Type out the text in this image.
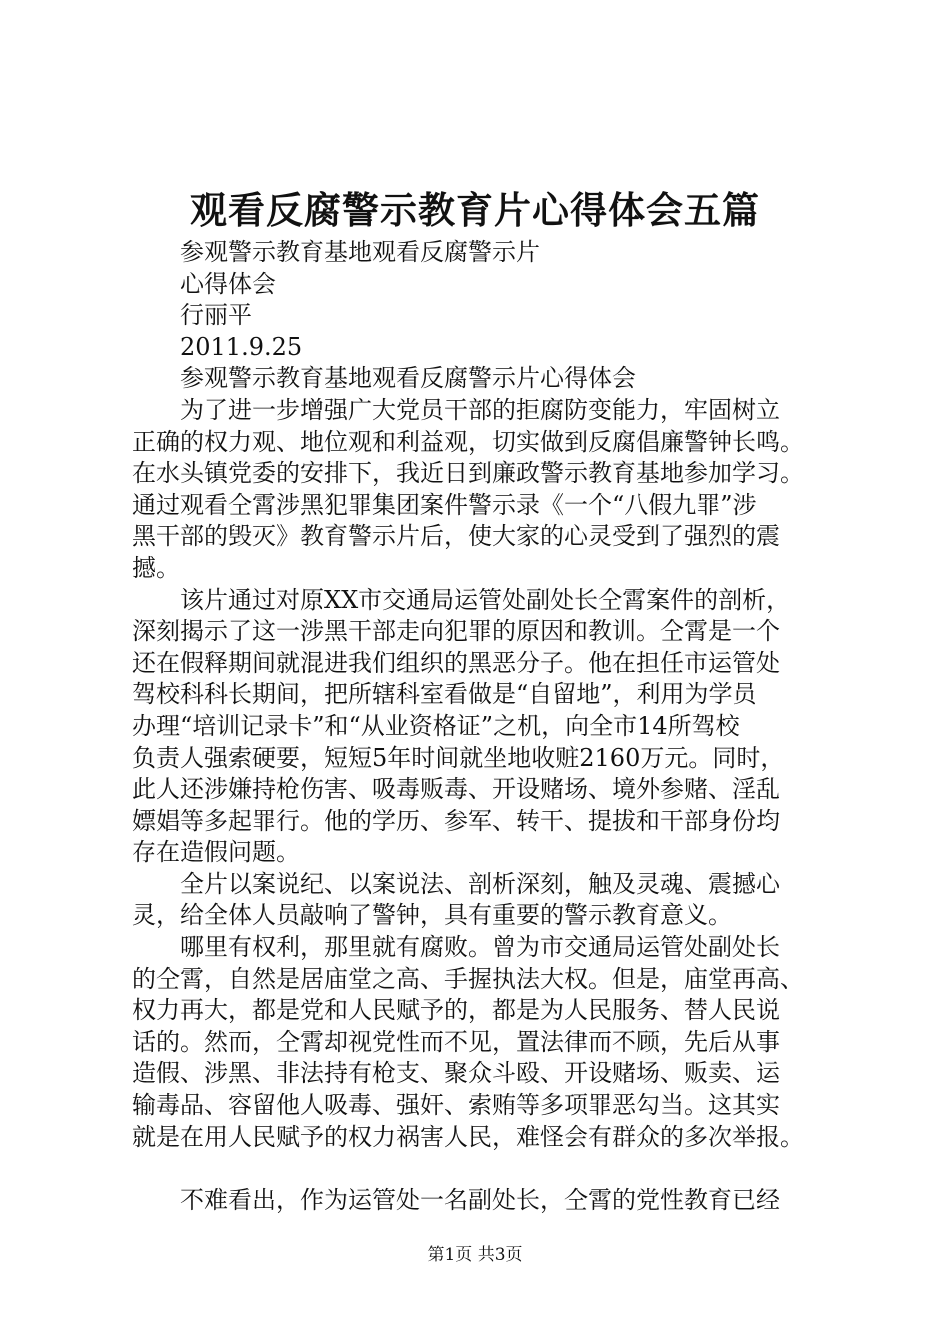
观看反腐警示教育片心得体会五篇
参观警示教育基地观看反腐警示片
心得体会
行丽平
2011.9.25
参观警示教育基地观看反腐警示片心得体会
为了进一步增强广大党员干部的拒腐防变能力，牢固树立
正确的权力观、地位观和利益观，切实做到反腐倡廉警钟长鸣。
在水头镇党委的安排下，我近日到廉政警示教育基地参加学习。
通过观看仝霄涉黑犯罪集团案件警示录《一个“八假九罪”涉
黑干部的毁灭》教育警示片后，使大家的心灵受到了强烈的震
撼。
该片通过对原XX市交通局运管处副处长仝霄案件的剖析，
深刻揭示了这一涉黑干部走向犯罪的原因和教训。仝霄是一个
还在假释期间就混进我们组织的黑恶分子。他在担任市运管处
驾校科科长期间，把所辖科室看做是“自留地”，利用为学员
办理“培训记录卡”和“从业资格证”之机，向全市14所驾校
负责人强索硬要，短短5年时间就坐地收赃2160万元。同时，
此人还涉嫌持枪伤害、吸毒贩毒、开设赌场、境外参赌、淫乱
嫖娼等多起罪行。他的学历、参军、转干、提拔和干部身份均
存在造假问题。
全片以案说纪、以案说法、剖析深刻，触及灵魂、震撼心
灵，给全体人员敲响了警钟，具有重要的警示教育意义。
哪里有权利，那里就有腐败。曾为市交通局运管处副处长
的仝霄，自然是居庙堂之高、手握执法大权。但是，庙堂再高、
权力再大，都是党和人民赋予的，都是为人民服务、替人民说
话的。然而，仝霄却视党性而不见，置法律而不顾，先后从事
造假、涉黑、非法持有枪支、聚众斗殴、开设赌场、贩卖、运
输毒品、容留他人吸毒、强奸、索贿等多项罪恶勾当。这其实
就是在用人民赋予的权力祸害人民，难怪会有群众的多次举报。
不难看出，作为运管处一名副处长，仝霄的党性教育已经
第1页 共3页
